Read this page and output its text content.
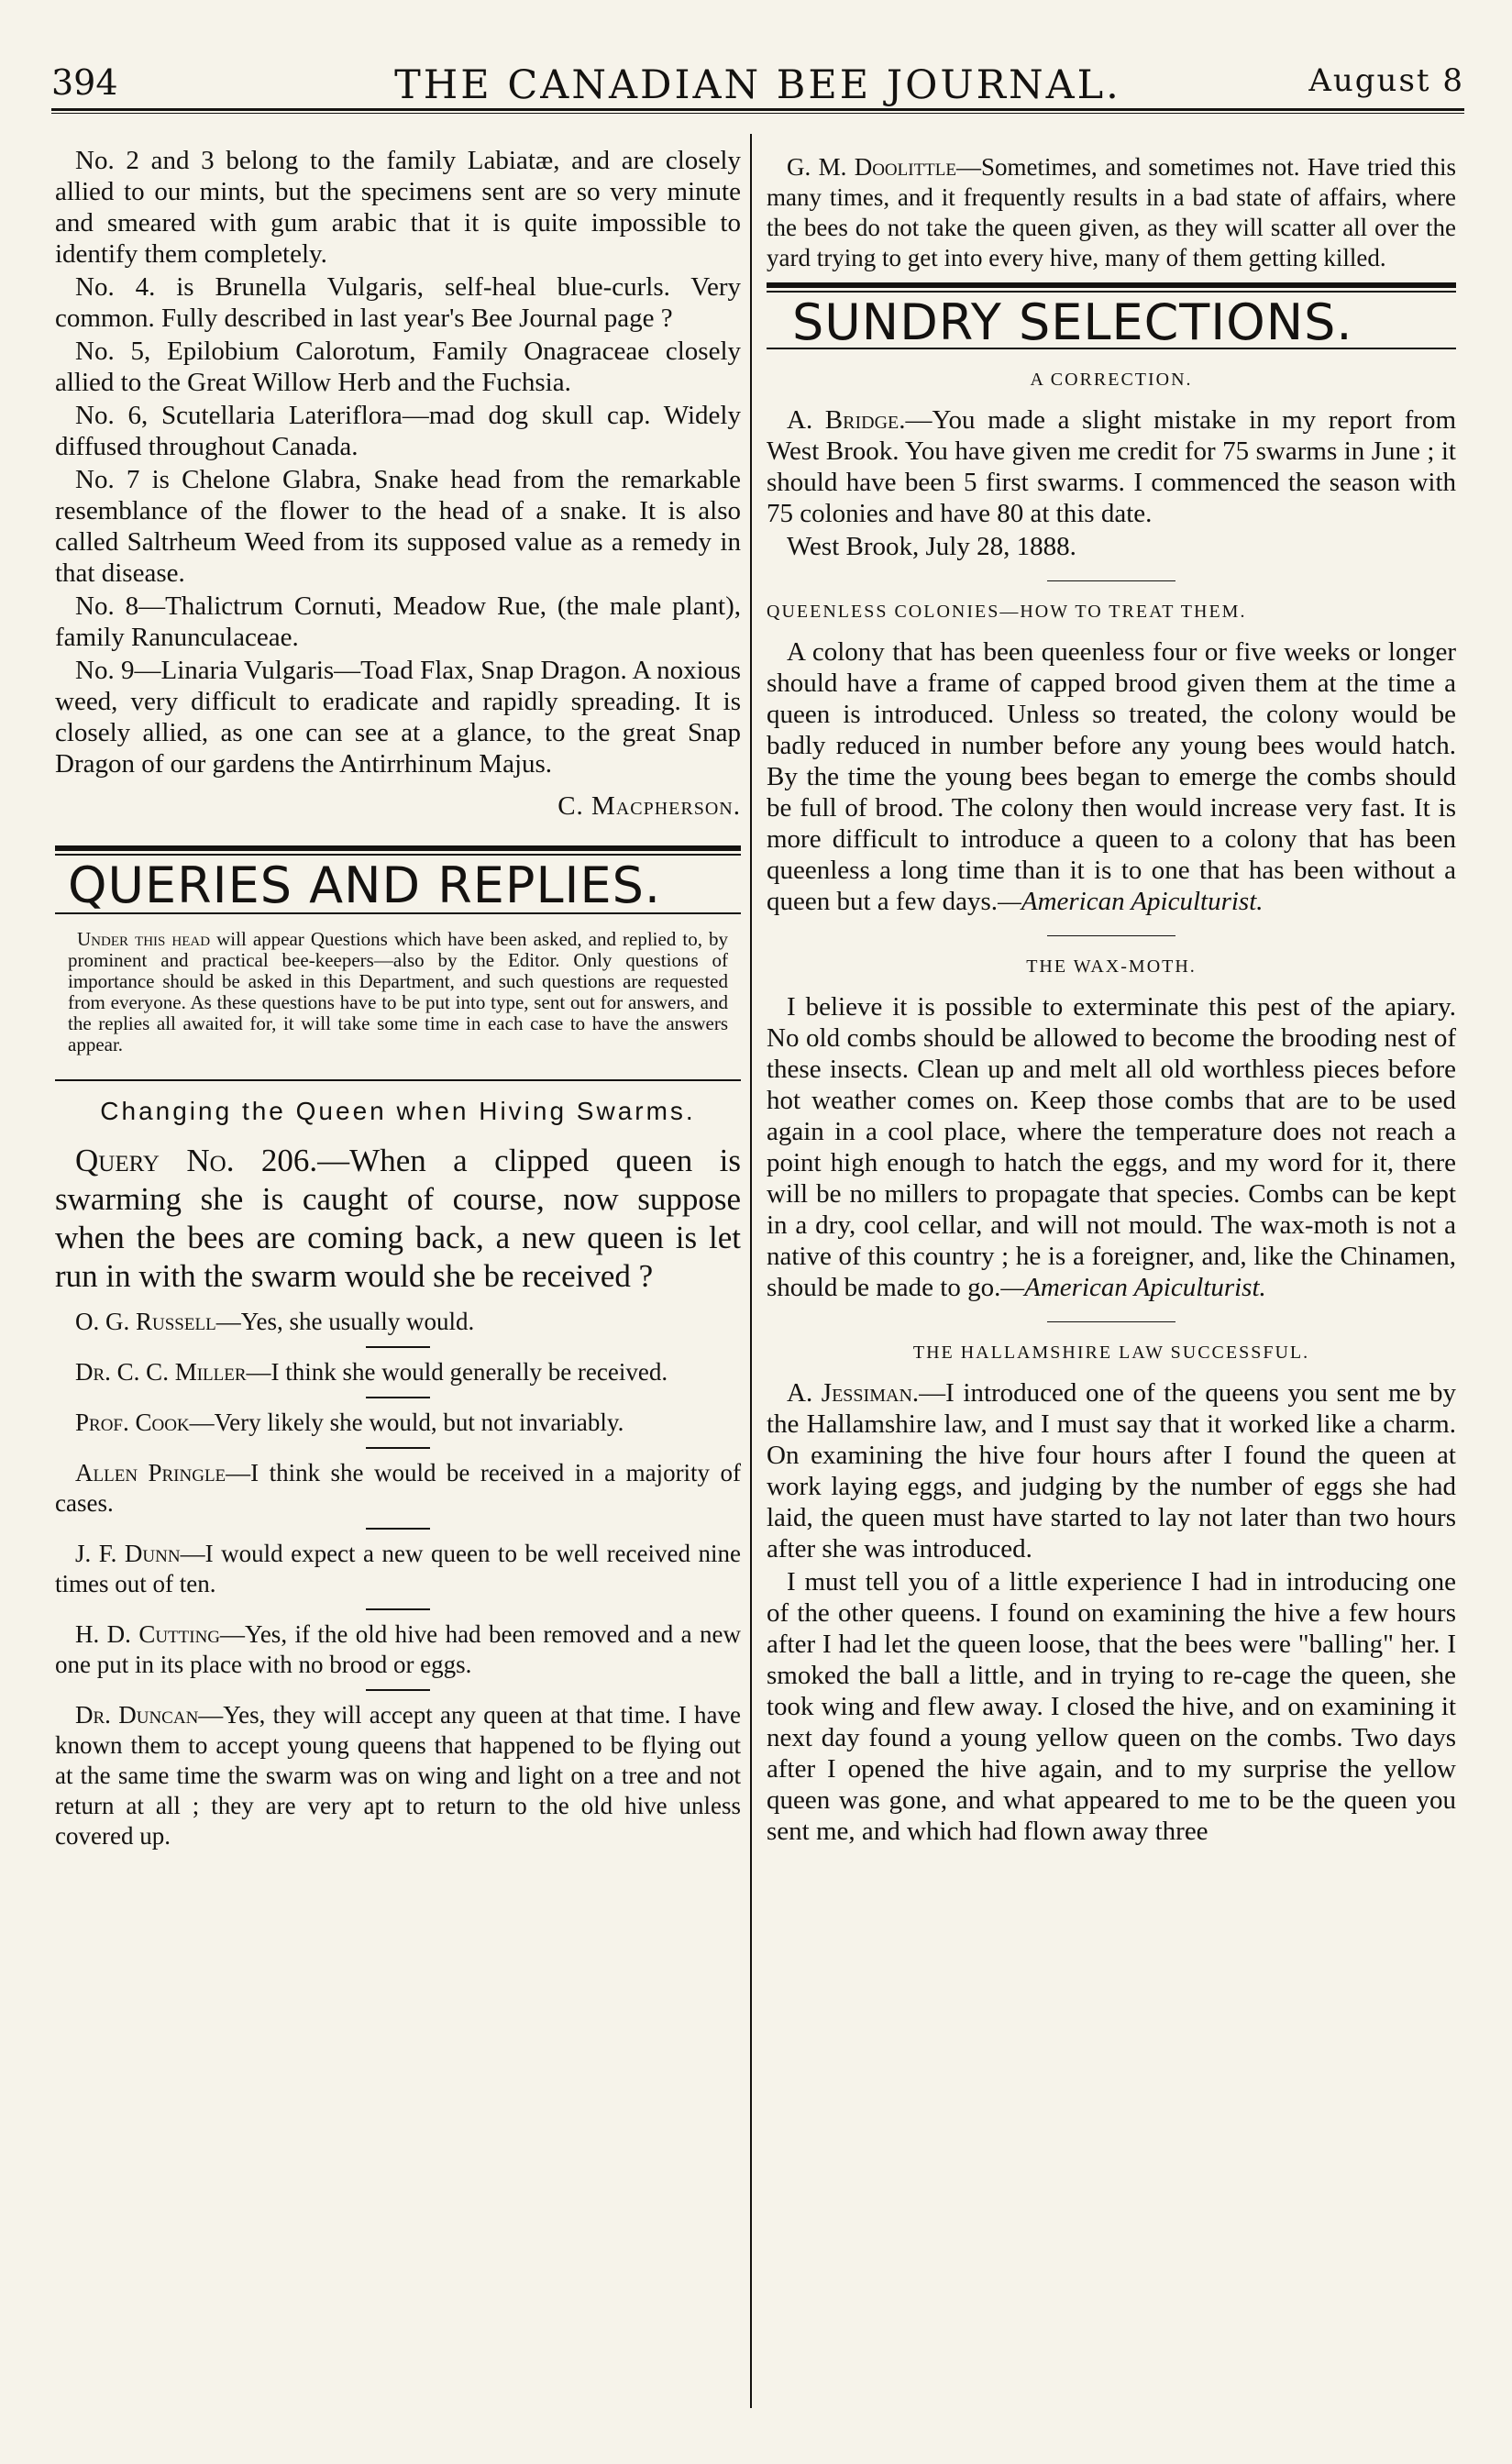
394	THE CANADIAN BEE JOURNAL.	August 8

No. 2 and 3 belong to the family Labiatæ, and are closely allied to our mints, but the specimens sent are so very minute and smeared with gum arabic that it is quite impossible to identify them completely.

No. 4. is Brunella Vulgaris, self-heal blue-curls. Very common. Fully described in last year's Bee Journal page ?

No. 5, Epilobium Calorotum, Family Onagraceae closely allied to the Great Willow Herb and the Fuchsia.

No. 6, Scutellaria Lateriflora—mad dog skull cap. Widely diffused throughout Canada.

No. 7 is Chelone Glabra, Snake head from the remarkable resemblance of the flower to the head of a snake. It is also called Saltrheum Weed from its supposed value as a remedy in that disease.

No. 8—Thalictrum Cornuti, Meadow Rue, (the male plant), family Ranunculaceae.

No. 9—Linaria Vulgaris—Toad Flax, Snap Dragon. A noxious weed, very difficult to eradicate and rapidly spreading. It is closely allied, as one can see at a glance, to the great Snap Dragon of our gardens the Antirrhinum Majus.

C. Macpherson.

QUERIES AND REPLIES.
Under this head will appear Questions which have been asked, and replied to, by prominent and practical bee-keepers—also by the Editor. Only questions of importance should be asked in this Department, and such questions are requested from everyone. As these questions have to be put into type, sent out for answers, and the replies all awaited for, it will take some time in each case to have the answers appear.
Changing the Queen when Hiving Swarms.

Query No. 206.—When a clipped queen is swarming she is caught of course, now suppose when the bees are coming back, a new queen is let run in with the swarm would she be received ?

O. G. Russell—Yes, she usually would.

Dr. C. C. Miller—I think she would generally be received.

Prof. Cook—Very likely she would, but not invariably.

Allen Pringle—I think she would be received in a majority of cases.

J. F. Dunn—I would expect a new queen to be well received nine times out of ten.

H. D. Cutting—Yes, if the old hive had been removed and a new one put in its place with no brood or eggs.

Dr. Duncan—Yes, they will accept any queen at that time. I have known them to accept young queens that happened to be flying out at the same time the swarm was on wing and light on a tree and not return at all ; they are very apt to return to the old hive unless covered up.

G. M. Doolittle—Sometimes, and sometimes not. Have tried this many times, and it frequently results in a bad state of affairs, where the bees do not take the queen given, as they will scatter all over the yard trying to get into every hive, many of them getting killed.

SUNDRY SELECTIONS.
A CORRECTION.

A. Bridge.—You made a slight mistake in my report from West Brook. You have given me credit for 75 swarms in June ; it should have been 5 first swarms. I commenced the season with 75 colonies and have 80 at this date.

West Brook, July 28, 1888.

QUEENLESS COLONIES—HOW TO TREAT THEM.

A colony that has been queenless four or five weeks or longer should have a frame of capped brood given them at the time a queen is introduced. Unless so treated, the colony would be badly reduced in number before any young bees would hatch. By the time the young bees began to emerge the combs should be full of brood. The colony then would increase very fast. It is more difficult to introduce a queen to a colony that has been queenless a long time than it is to one that has been without a queen but a few days.—American Apiculturist.

THE WAX-MOTH.

I believe it is possible to exterminate this pest of the apiary. No old combs should be allowed to become the brooding nest of these insects. Clean up and melt all old worthless pieces before hot weather comes on. Keep those combs that are to be used again in a cool place, where the temperature does not reach a point high enough to hatch the eggs, and my word for it, there will be no millers to propagate that species. Combs can be kept in a dry, cool cellar, and will not mould. The wax-moth is not a native of this country ; he is a foreigner, and, like the Chinamen, should be made to go.—American Apiculturist.

THE HALLAMSHIRE LAW SUCCESSFUL.

A. Jessiman.—I introduced one of the queens you sent me by the Hallamshire law, and I must say that it worked like a charm. On examining the hive four hours after I found the queen at work laying eggs, and judging by the number of eggs she had laid, the queen must have started to lay not later than two hours after she was introduced.

I must tell you of a little experience I had in introducing one of the other queens. I found on examining the hive a few hours after I had let the queen loose, that the bees were "balling" her. I smoked the ball a little, and in trying to re-cage the queen, she took wing and flew away. I closed the hive, and on examining it next day found a young yellow queen on the combs. Two days after I opened the hive again, and to my surprise the yellow queen was gone, and what appeared to me to be the queen you sent me, and which had flown away three
